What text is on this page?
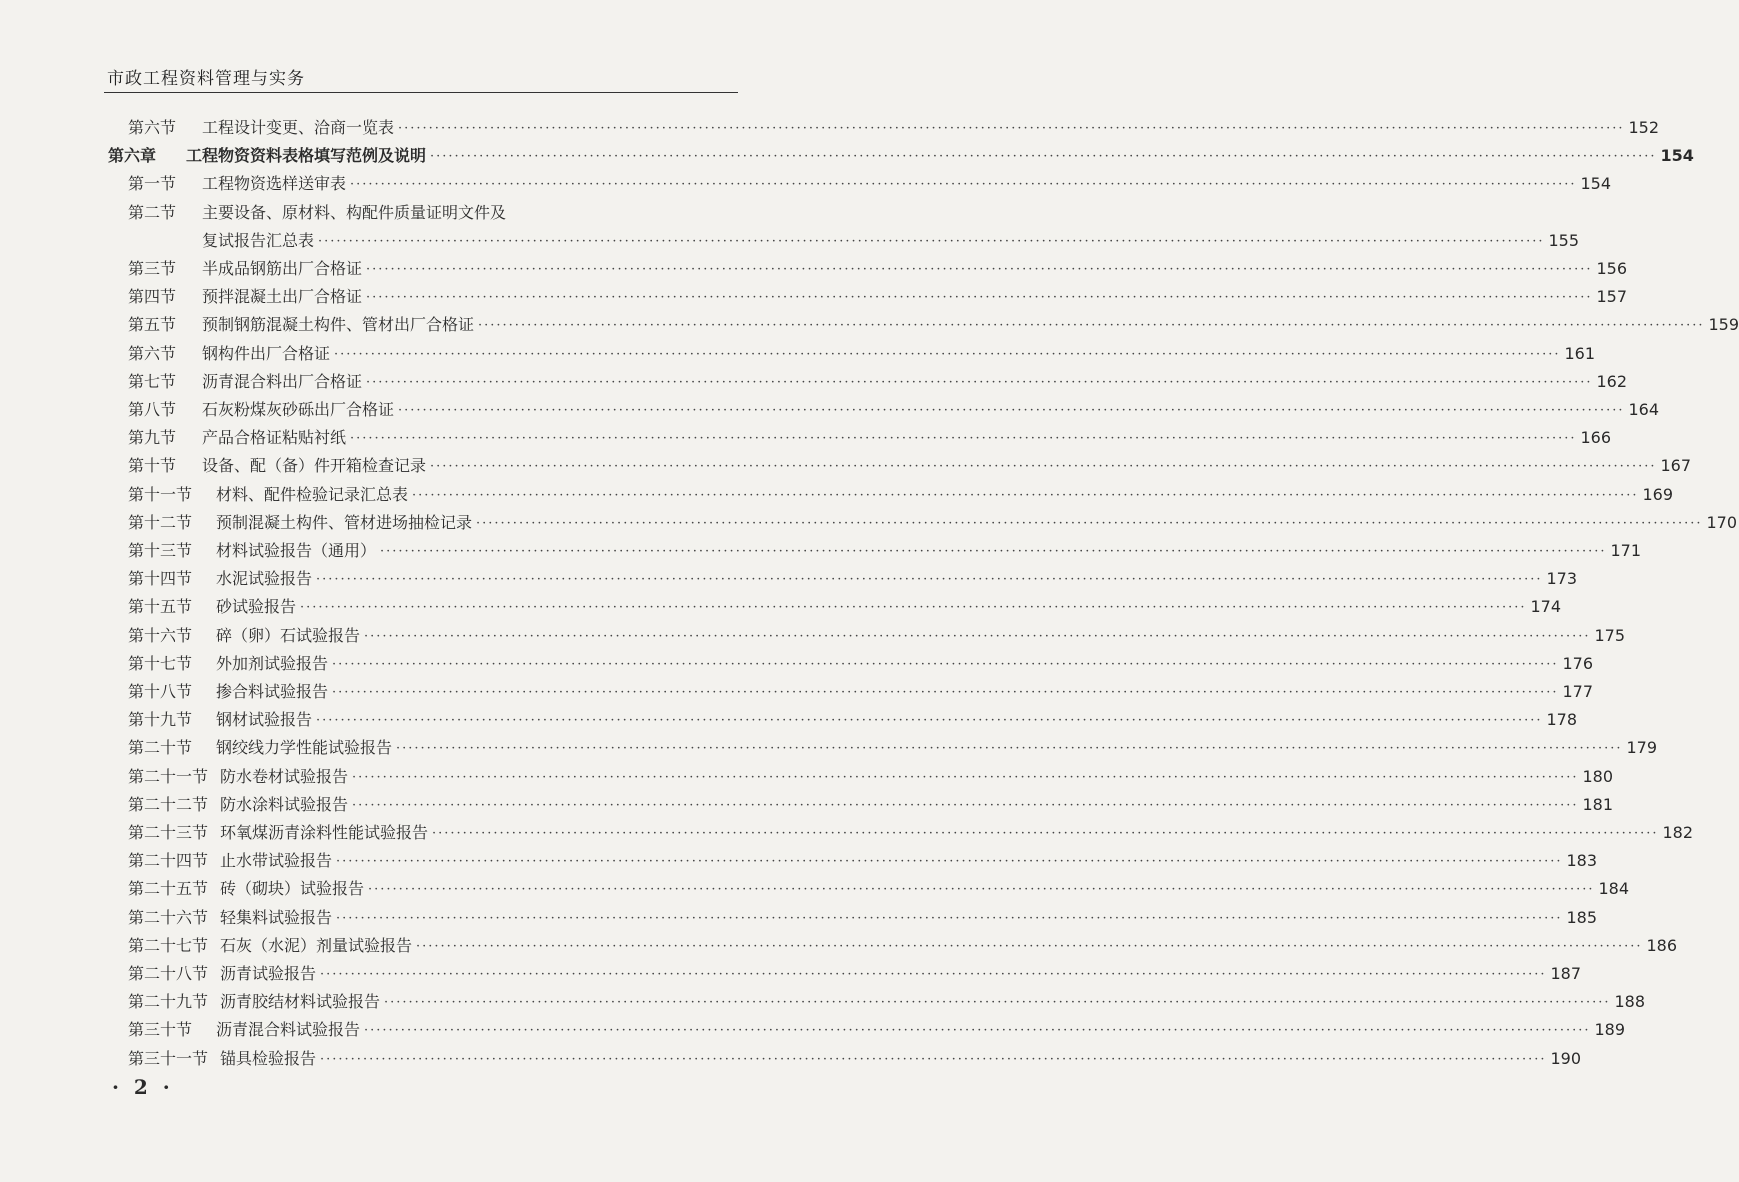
市政工程资料管理与实务
第六节 工程设计变更、洽商一览表 ········································································································································································································ 152
第六章 工程物资资料表格填写范例及说明 ········································································································································································································ 154
第一节 工程物资选样送审表 ········································································································································································································ 154
第二节 主要设备、原材料、构配件质量证明文件及
复试报告汇总表 ········································································································································································································ 155
第三节 半成品钢筋出厂合格证 ········································································································································································································ 156
第四节 预拌混凝土出厂合格证 ········································································································································································································ 157
第五节 预制钢筋混凝土构件、管材出厂合格证 ········································································································································································································ 159
第六节 钢构件出厂合格证 ········································································································································································································ 161
第七节 沥青混合料出厂合格证 ········································································································································································································ 162
第八节 石灰粉煤灰砂砾出厂合格证 ········································································································································································································ 164
第九节 产品合格证粘贴衬纸 ········································································································································································································ 166
第十节 设备、配（备）件开箱检查记录 ········································································································································································································ 167
第十一节 材料、配件检验记录汇总表 ········································································································································································································ 169
第十二节 预制混凝土构件、管材进场抽检记录 ········································································································································································································ 170
第十三节 材料试验报告（通用） ········································································································································································································ 171
第十四节 水泥试验报告 ········································································································································································································ 173
第十五节 砂试验报告 ········································································································································································································ 174
第十六节 碎（卵）石试验报告 ········································································································································································································ 175
第十七节 外加剂试验报告 ········································································································································································································ 176
第十八节 掺合料试验报告 ········································································································································································································ 177
第十九节 钢材试验报告 ········································································································································································································ 178
第二十节 钢绞线力学性能试验报告 ········································································································································································································ 179
第二十一节 防水卷材试验报告 ········································································································································································································ 180
第二十二节 防水涂料试验报告 ········································································································································································································ 181
第二十三节 环氧煤沥青涂料性能试验报告 ········································································································································································································ 182
第二十四节 止水带试验报告 ········································································································································································································ 183
第二十五节 砖（砌块）试验报告 ········································································································································································································ 184
第二十六节 轻集料试验报告 ········································································································································································································ 185
第二十七节 石灰（水泥）剂量试验报告 ········································································································································································································ 186
第二十八节 沥青试验报告 ········································································································································································································ 187
第二十九节 沥青胶结材料试验报告 ········································································································································································································ 188
第三十节 沥青混合料试验报告 ········································································································································································································ 189
第三十一节 锚具检验报告 ········································································································································································································ 190
· 2 ·
